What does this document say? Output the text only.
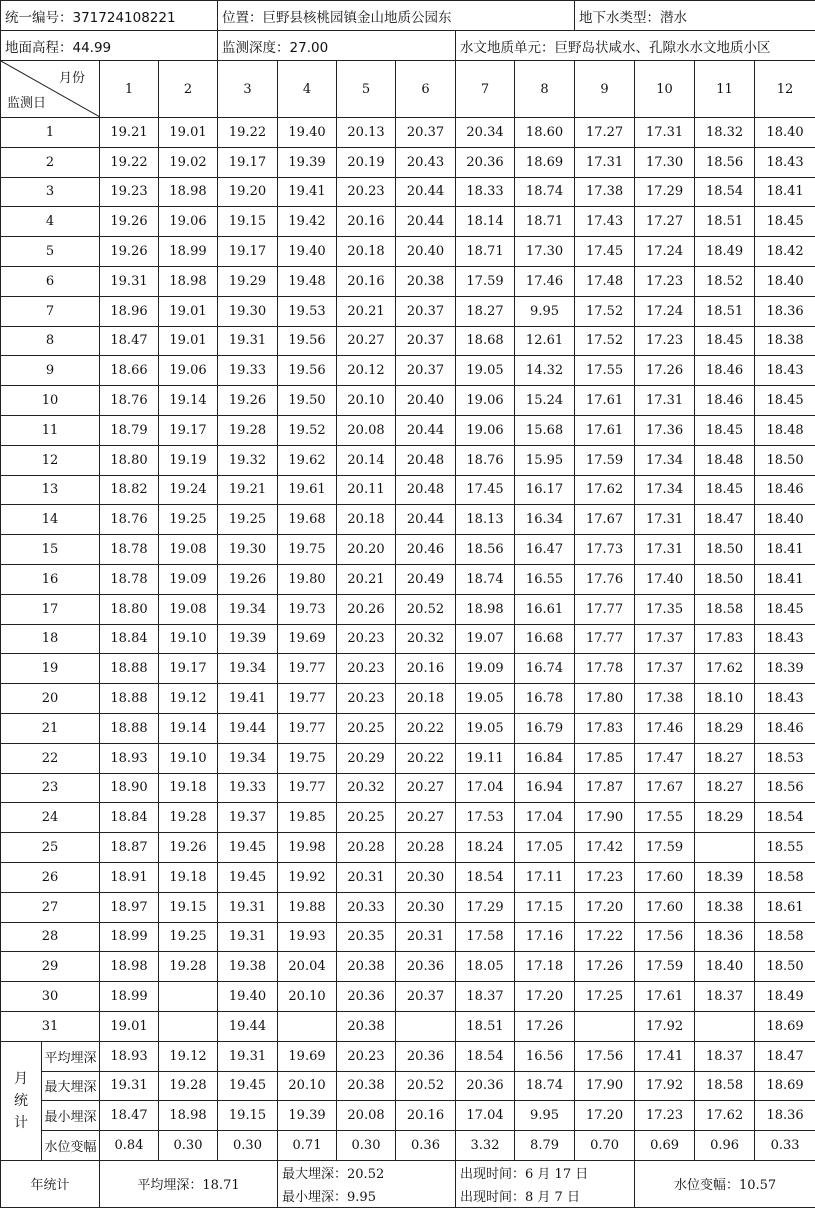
统一编号：371724108221				位置：巨野县核桃园镇金山地质公园东						地下水类型：潜水			
地面高程：44.99				监测深度：27.00				水文地质单元：巨野岛状咸水、孔隙水水文地质小区					

月份
监测日		1	2	3	4	5	6	7	8	9	10	11	12
1		19.21	19.01	19.22	19.40	20.13	20.37	20.34	18.60	17.27	17.31	18.32	18.40
2		19.22	19.02	19.17	19.39	20.19	20.43	20.36	18.69	17.31	17.30	18.56	18.43
3		19.23	18.98	19.20	19.41	20.23	20.44	18.33	18.74	17.38	17.29	18.54	18.41
4		19.26	19.06	19.15	19.42	20.16	20.44	18.14	18.71	17.43	17.27	18.51	18.45
5		19.26	18.99	19.17	19.40	20.18	20.40	18.71	17.30	17.45	17.24	18.49	18.42
6		19.31	18.98	19.29	19.48	20.16	20.38	17.59	17.46	17.48	17.23	18.52	18.40
7		18.96	19.01	19.30	19.53	20.21	20.37	18.27	9.95	17.52	17.24	18.51	18.36
8		18.47	19.01	19.31	19.56	20.27	20.37	18.68	12.61	17.52	17.23	18.45	18.38
9		18.66	19.06	19.33	19.56	20.12	20.37	19.05	14.32	17.55	17.26	18.46	18.43
10		18.76	19.14	19.26	19.50	20.10	20.40	19.06	15.24	17.61	17.31	18.46	18.45
11		18.79	19.17	19.28	19.52	20.08	20.44	19.06	15.68	17.61	17.36	18.45	18.48
12		18.80	19.19	19.32	19.62	20.14	20.48	18.76	15.95	17.59	17.34	18.48	18.50
13		18.82	19.24	19.21	19.61	20.11	20.48	17.45	16.17	17.62	17.34	18.45	18.46
14		18.76	19.25	19.25	19.68	20.18	20.44	18.13	16.34	17.67	17.31	18.47	18.40
15		18.78	19.08	19.30	19.75	20.20	20.46	18.56	16.47	17.73	17.31	18.50	18.41
16		18.78	19.09	19.26	19.80	20.21	20.49	18.74	16.55	17.76	17.40	18.50	18.41
17		18.80	19.08	19.34	19.73	20.26	20.52	18.98	16.61	17.77	17.35	18.58	18.45
18		18.84	19.10	19.39	19.69	20.23	20.32	19.07	16.68	17.77	17.37	17.83	18.43
19		18.88	19.17	19.34	19.77	20.23	20.16	19.09	16.74	17.78	17.37	17.62	18.39
20		18.88	19.12	19.41	19.77	20.23	20.18	19.05	16.78	17.80	17.38	18.10	18.43
21		18.88	19.14	19.44	19.77	20.25	20.22	19.05	16.79	17.83	17.46	18.29	18.46
22		18.93	19.10	19.34	19.75	20.29	20.22	19.11	16.84	17.85	17.47	18.27	18.53
23		18.90	19.18	19.33	19.77	20.32	20.27	17.04	16.94	17.87	17.67	18.27	18.56
24		18.84	19.28	19.37	19.85	20.25	20.27	17.53	17.04	17.90	17.55	18.29	18.54
25		18.87	19.26	19.45	19.98	20.28	20.28	18.24	17.05	17.42	17.59		18.55
26		18.91	19.18	19.45	19.92	20.31	20.30	18.54	17.11	17.23	17.60	18.39	18.58
27		18.97	19.15	19.31	19.88	20.33	20.30	17.29	17.15	17.20	17.60	18.38	18.61
28		18.99	19.25	19.31	19.93	20.35	20.31	17.58	17.16	17.22	17.56	18.36	18.58
29		18.98	19.28	19.38	20.04	20.38	20.36	18.05	17.18	17.26	17.59	18.40	18.50
30		18.99		19.40	20.10	20.36	20.37	18.37	17.20	17.25	17.61	18.37	18.49
31		19.01		19.44		20.38		18.51	17.26		17.92		18.69
月统计	平均埋深	18.93	19.12	19.31	19.69	20.23	20.36	18.54	16.56	17.56	17.41	18.37	18.47
	最大埋深	19.31	19.28	19.45	20.10	20.38	20.52	20.36	18.74	17.90	17.92	18.58	18.69
	最小埋深	18.47	18.98	19.15	19.39	20.08	20.16	17.04	9.95	17.20	17.23	17.62	18.36
	水位变幅	0.84	0.30	0.30	0.71	0.30	0.36	3.32	8.79	0.70	0.69	0.96	0.33
年统计		平均埋深：18.71			最大埋深：20.52			出现时间：6 月 17 日			水位变幅：10.57		
					最小埋深：9.95			出现时间：8 月 7 日					
